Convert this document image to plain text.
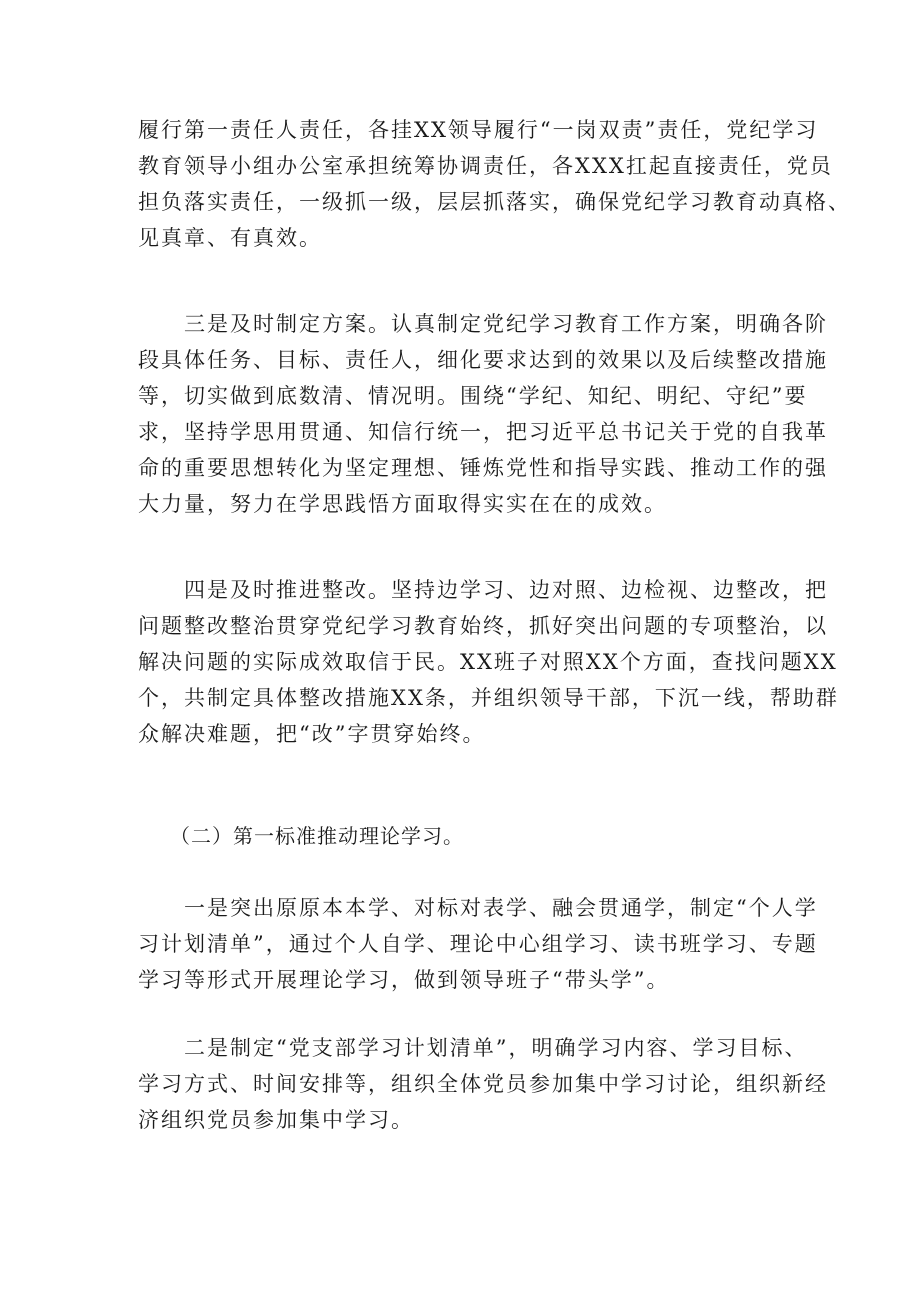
履行第一责任人责任，各挂XX领导履行“一岗双责”责任，党纪学习
教育领导小组办公室承担统筹协调责任，各XXX扛起直接责任，党员
担负落实责任，一级抓一级，层层抓落实，确保党纪学习教育动真格、
见真章、有真效。

　　三是及时制定方案。认真制定党纪学习教育工作方案，明确各阶
段具体任务、目标、责任人，细化要求达到的效果以及后续整改措施
等，切实做到底数清、情况明。围绕“学纪、知纪、明纪、守纪”要
求，坚持学思用贯通、知信行统一，把习近平总书记关于党的自我革
命的重要思想转化为坚定理想、锤炼党性和指导实践、推动工作的强
大力量，努力在学思践悟方面取得实实在在的成效。

　　四是及时推进整改。坚持边学习、边对照、边检视、边整改，把
问题整改整治贯穿党纪学习教育始终，抓好突出问题的专项整治，以
解决问题的实际成效取信于民。XX班子对照XX个方面，查找问题XX
个，共制定具体整改措施XX条，并组织领导干部，下沉一线，帮助群
众解决难题，把“改”字贯穿始终。

　　（二）第一标准推动理论学习。

　　一是突出原原本本学、对标对表学、融会贯通学，制定“个人学
习计划清单”，通过个人自学、理论中心组学习、读书班学习、专题
学习等形式开展理论学习，做到领导班子“带头学”。

　　二是制定“党支部学习计划清单”，明确学习内容、学习目标、
学习方式、时间安排等，组织全体党员参加集中学习讨论，组织新经
济组织党员参加集中学习。
